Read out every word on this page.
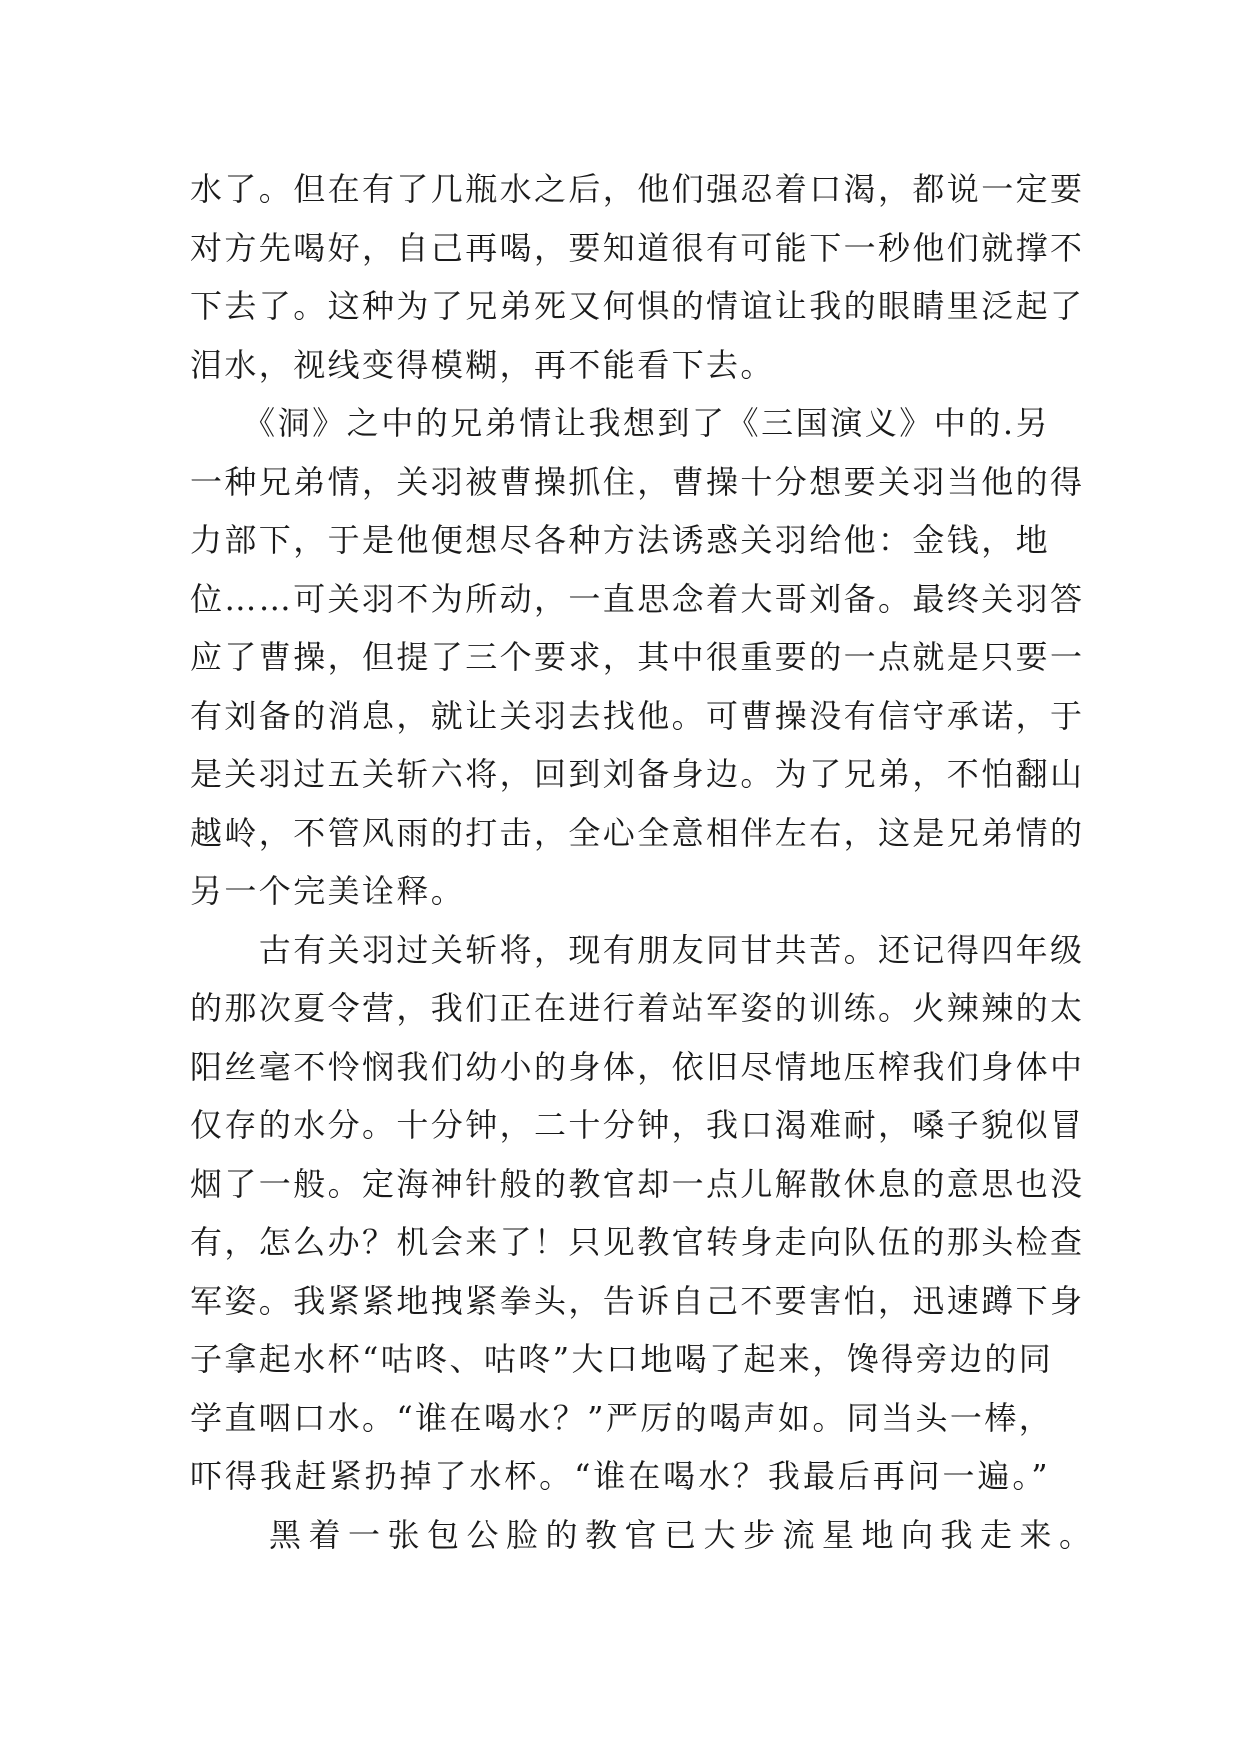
水了。但在有了几瓶水之后，他们强忍着口渴，都说一定要
对方先喝好，自己再喝，要知道很有可能下一秒他们就撑不
下去了。这种为了兄弟死又何惧的情谊让我的眼睛里泛起了
泪水，视线变得模糊，再不能看下去。
　　《洞》之中的兄弟情让我想到了《三国演义》中的.另
一种兄弟情，关羽被曹操抓住，曹操十分想要关羽当他的得
力部下，于是他便想尽各种方法诱惑关羽给他：金钱，地
位……可关羽不为所动，一直思念着大哥刘备。最终关羽答
应了曹操，但提了三个要求，其中很重要的一点就是只要一
有刘备的消息，就让关羽去找他。可曹操没有信守承诺，于
是关羽过五关斩六将，回到刘备身边。为了兄弟，不怕翻山
越岭，不管风雨的打击，全心全意相伴左右，这是兄弟情的
另一个完美诠释。
　　古有关羽过关斩将，现有朋友同甘共苦。还记得四年级
的那次夏令营，我们正在进行着站军姿的训练。火辣辣的太
阳丝毫不怜悯我们幼小的身体，依旧尽情地压榨我们身体中
仅存的水分。十分钟，二十分钟，我口渴难耐，嗓子貌似冒
烟了一般。定海神针般的教官却一点儿解散休息的意思也没
有，怎么办？机会来了！只见教官转身走向队伍的那头检查
军姿。我紧紧地拽紧拳头，告诉自己不要害怕，迅速蹲下身
子拿起水杯“咕咚、咕咚”大口地喝了起来，馋得旁边的同
学直咽口水。“谁在喝水？”严厉的喝声如。同当头一棒，
吓得我赶紧扔掉了水杯。“谁在喝水？我最后再问一遍。”
　　黑着一张包公脸的教官已大步流星地向我走来。
